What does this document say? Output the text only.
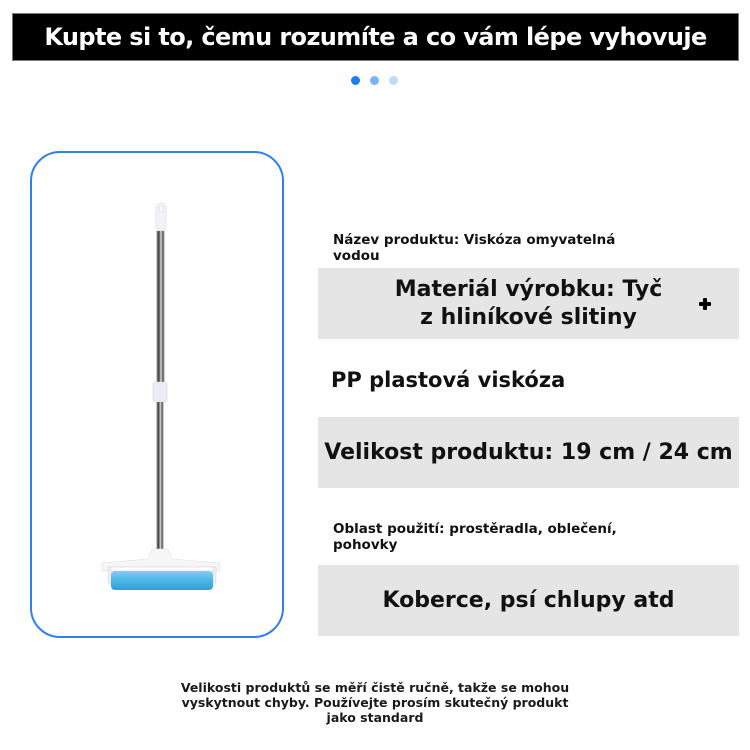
Kupte si to, čemu rozumíte a co vám lépe vyhovuje
Název produktu: Viskóza omyvatelná vodou
Materiál výrobku: Tyč z hliníkové slitiny
PP plastová viskóza
Velikost produktu: 19 cm / 24 cm
Oblast použití: prostěradla, oblečení, pohovky
Koberce, psí chlupy atd
Velikosti produktů se měří čistě ručně, takže se mohou vyskytnout chyby. Používejte prosím skutečný produkt jako standard
